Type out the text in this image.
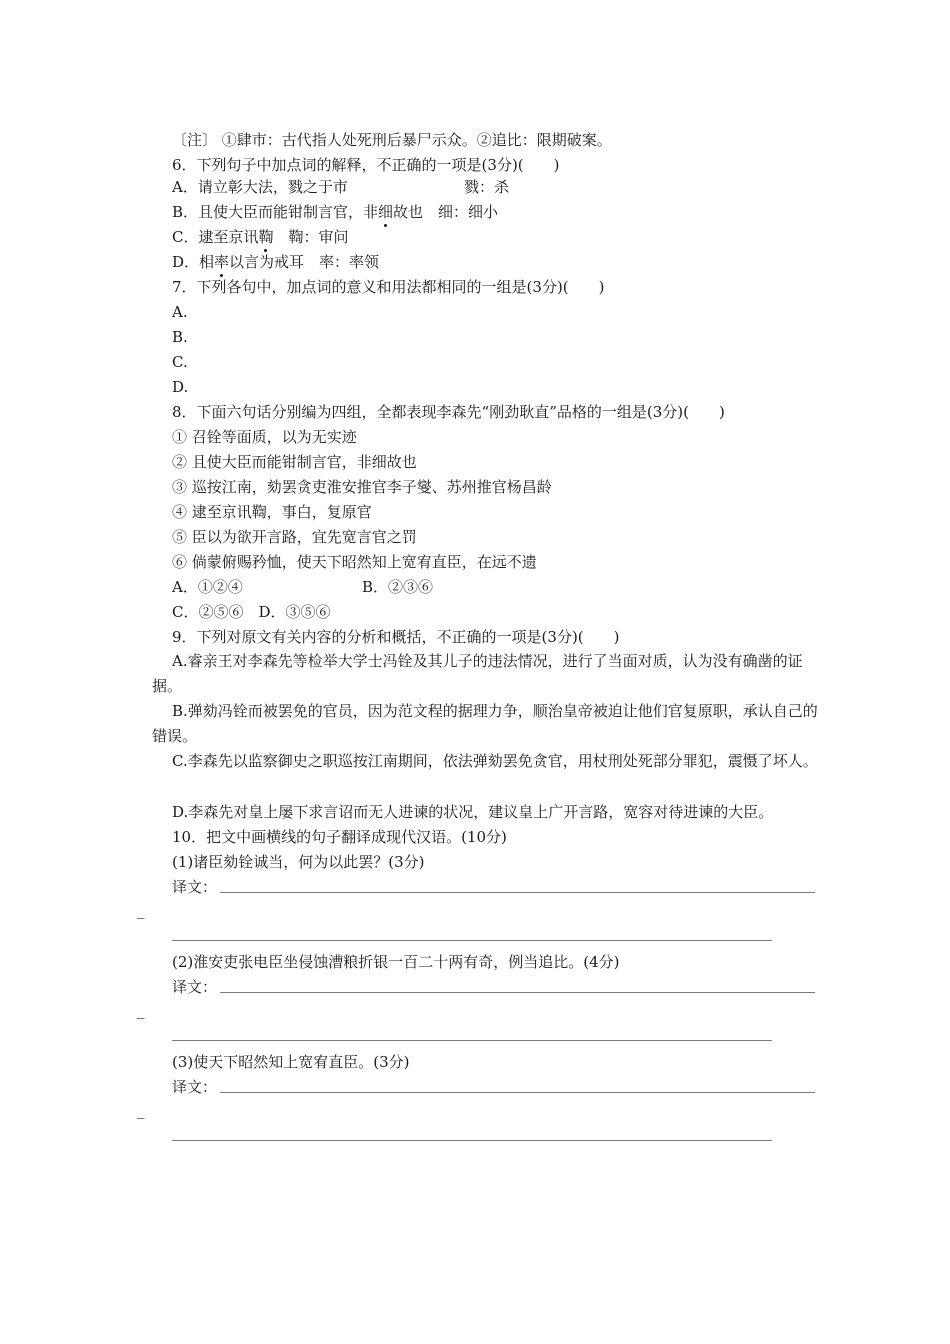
〔注〕 ①肆市：古代指人处死刑后暴尸示众。②追比：限期破案。
6．下列句子中加点词的解释，不正确的一项是(3分)(　　)
A．请立彰大法，戮之于市	戮：杀
B．且使大臣而能钳制言官，非细故也　细：细小
C．逮至京讯鞫　鞫：审问
D．相率以言为戒耳　率：率领
7．下列各句中，加点词的意义和用法都相同的一组是(3分)(　　)
A.
B.
C.
D.
8．下面六句话分别编为四组，全都表现李森先“刚劲耿直”品格的一组是(3分)(　　)
① 召铨等面质，以为无实迹
② 且使大臣而能钳制言官，非细故也
③ 巡按江南，劾罢贪吏淮安推官李子燮、苏州推官杨昌龄
④ 逮至京讯鞫，事白，复原官
⑤ 臣以为欲开言路，宜先宽言官之罚
⑥ 倘蒙俯赐矜恤，使天下昭然知上宽宥直臣，在远不遗
A．①②④	B．②③⑥
C．②⑤⑥　D．③⑤⑥
9．下列对原文有关内容的分析和概括，不正确的一项是(3分)(　　)
A.睿亲王对李森先等检举大学士冯铨及其儿子的违法情况，进行了当面对质，认为没有确凿的证据。
B.弹劾冯铨而被罢免的官员，因为范文程的据理力争，顺治皇帝被迫让他们官复原职，承认自己的错误。
C.李森先以监察御史之职巡按江南期间，依法弹劾罢免贪官，用杖刑处死部分罪犯，震慑了坏人。
D.李森先对皇上屡下求言诏而无人进谏的状况，建议皇上广开言路，宽容对待进谏的大臣。
10．把文中画横线的句子翻译成现代汉语。(10分)
(1)诸臣劾铨诚当，何为以此罢？(3分)
译文：
_
(2)淮安吏张电臣坐侵蚀漕粮折银一百二十两有奇，例当追比。(4分)
译文：
_
(3)使天下昭然知上宽宥直臣。(3分)
译文：
_
